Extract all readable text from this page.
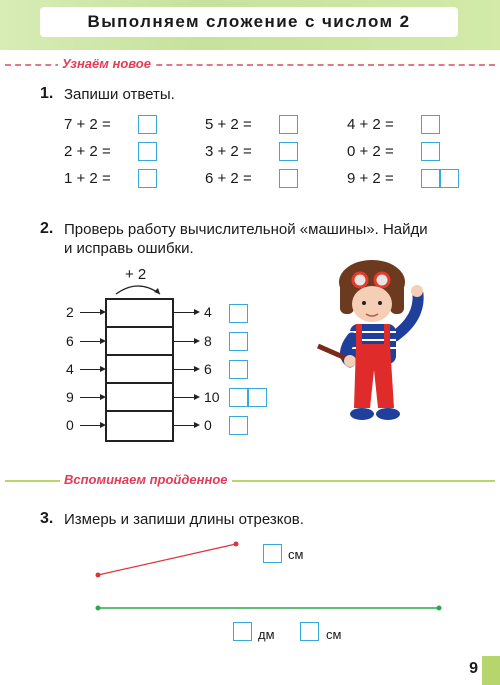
Выполняем сложение с числом 2
Узнаём новое
1. Запиши ответы.
7 + 2 =
2 + 2 =
1 + 2 =
5 + 2 =
3 + 2 =
6 + 2 =
4 + 2 =
0 + 2 =
9 + 2 =
2. Проверь работу вычислительной «машины». Найди
и исправь ошибки.
+ 2
2
6
4
9
0
4
8
6
10
0
Вспоминаем пройденное
3. Измерь и запиши длины отрезков.
см
дм	см
9
